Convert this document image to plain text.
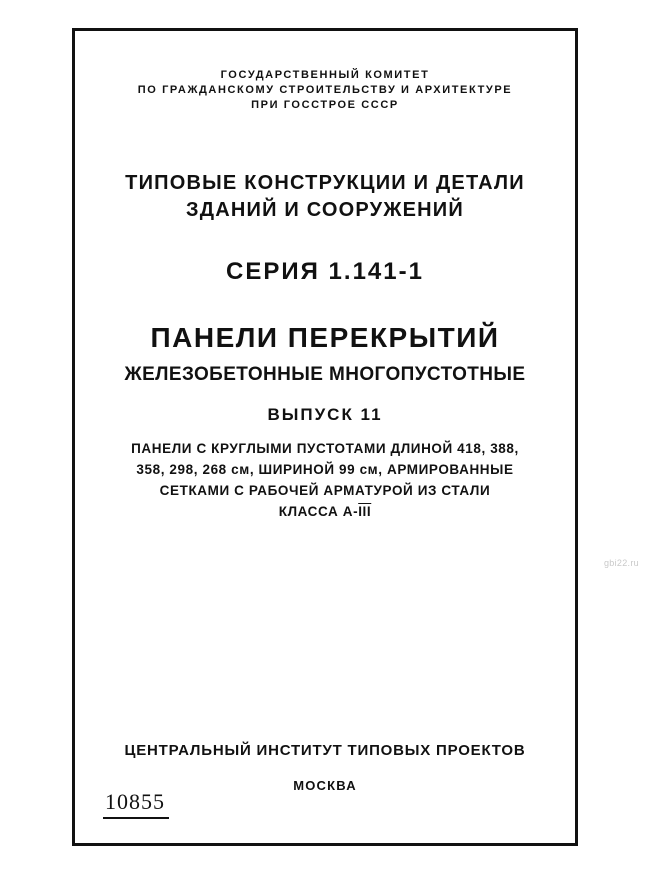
ГОСУДАРСТВЕННЫЙ КОМИТЕТ
ПО ГРАЖДАНСКОМУ СТРОИТЕЛЬСТВУ И АРХИТЕКТУРЕ
ПРИ ГОССТРОЕ СССР
ТИПОВЫЕ КОНСТРУКЦИИ И ДЕТАЛИ
ЗДАНИЙ И СООРУЖЕНИЙ
СЕРИЯ 1.141-1
ПАНЕЛИ ПЕРЕКРЫТИЙ
ЖЕЛЕЗОБЕТОННЫЕ МНОГОПУСТОТНЫЕ
ВЫПУСК 11
ПАНЕЛИ С КРУГЛЫМИ ПУСТОТАМИ ДЛИНОЙ 418, 388,
358, 298, 268 см, ШИРИНОЙ 99 см, АРМИРОВАННЫЕ
СЕТКАМИ С РАБОЧЕЙ АРМАТУРОЙ ИЗ СТАЛИ
КЛАССА $А-\overline{III}$
ЦЕНТРАЛЬНЫЙ ИНСТИТУТ ТИПОВЫХ ПРОЕКТОВ
МОСКВА
10855
gbi22.ru
